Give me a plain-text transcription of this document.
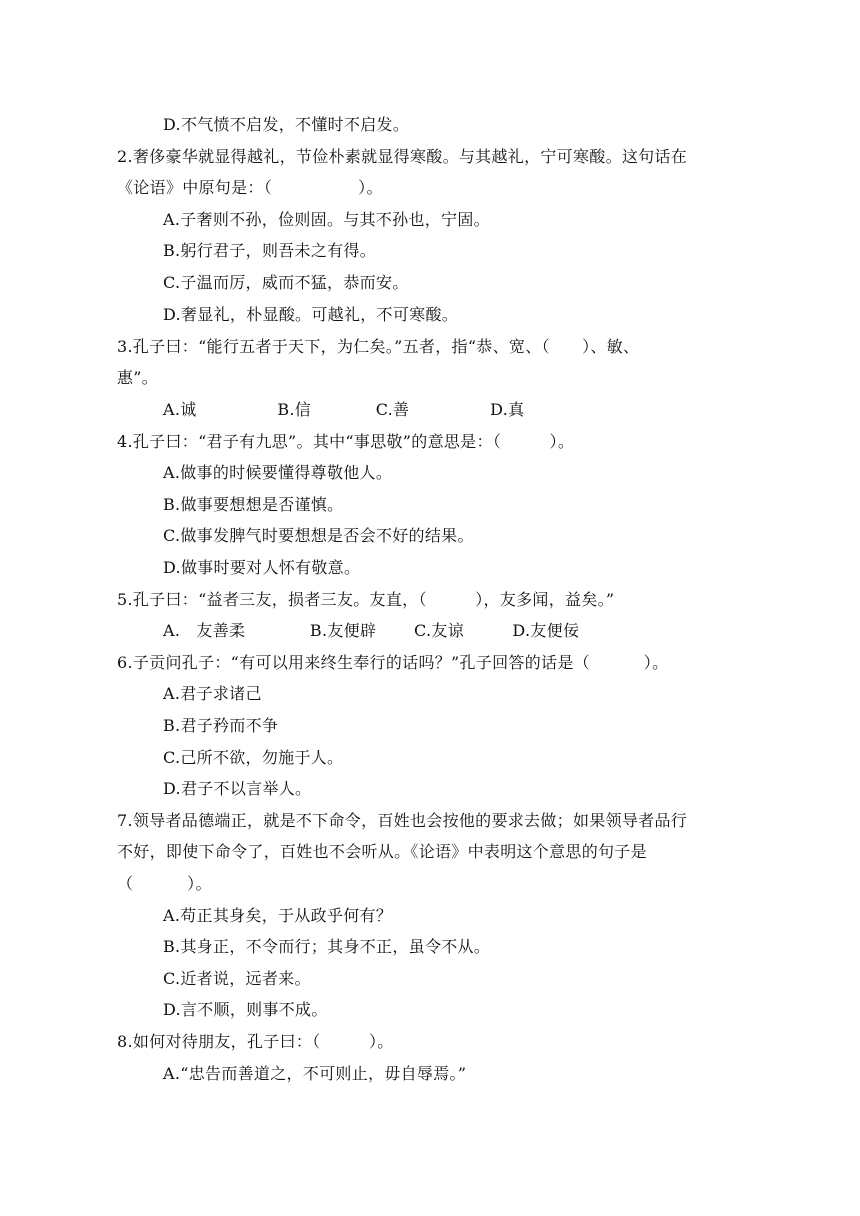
D.不气愤不启发，不懂时不启发。
2.奢侈豪华就显得越礼，节俭朴素就显得寒酸。与其越礼，宁可寒酸。这句话在
《论语》中原句是：（                ）。
A.子奢则不孙，俭则固。与其不孙也，宁固。
B.躬行君子，则吾未之有得。
C.子温而厉，威而不猛，恭而安。
D.奢显礼，朴显酸。可越礼，不可寒酸。
3.孔子曰：“能行五者于天下，为仁矣。”五者，指“恭、宽、（      ）、敏、
惠”。
A.诚               B.信            C.善               D.真
4.孔子曰：“君子有九思”。其中“事思敬”的意思是：（         ）。
A.做事的时候要懂得尊敬他人。
B.做事要想想是否谨慎。
C.做事发脾气时要想想是否会不好的结果。
D.做事时要对人怀有敬意。
5.孔子曰：“益者三友，损者三友。友直，（         ），友多闻，益矣。”
A.   友善柔            B.友便辟       C.友谅         D.友便佞
6.子贡问孔子：“有可以用来终生奉行的话吗？”孔子回答的话是（          ）。
A.君子求诸己
B.君子矜而不争
C.己所不欲，勿施于人。
D.君子不以言举人。
7.领导者品德端正，就是不下命令，百姓也会按他的要求去做；如果领导者品行
不好，即使下命令了，百姓也不会听从。《论语》中表明这个意思的句子是
（          ）。
A.苟正其身矣，于从政乎何有？
B.其身正，不令而行；其身不正，虽令不从。
C.近者说，远者来。
D.言不顺，则事不成。
8.如何对待朋友，孔子曰：（         ）。
A.“忠告而善道之，不可则止，毋自辱焉。”
